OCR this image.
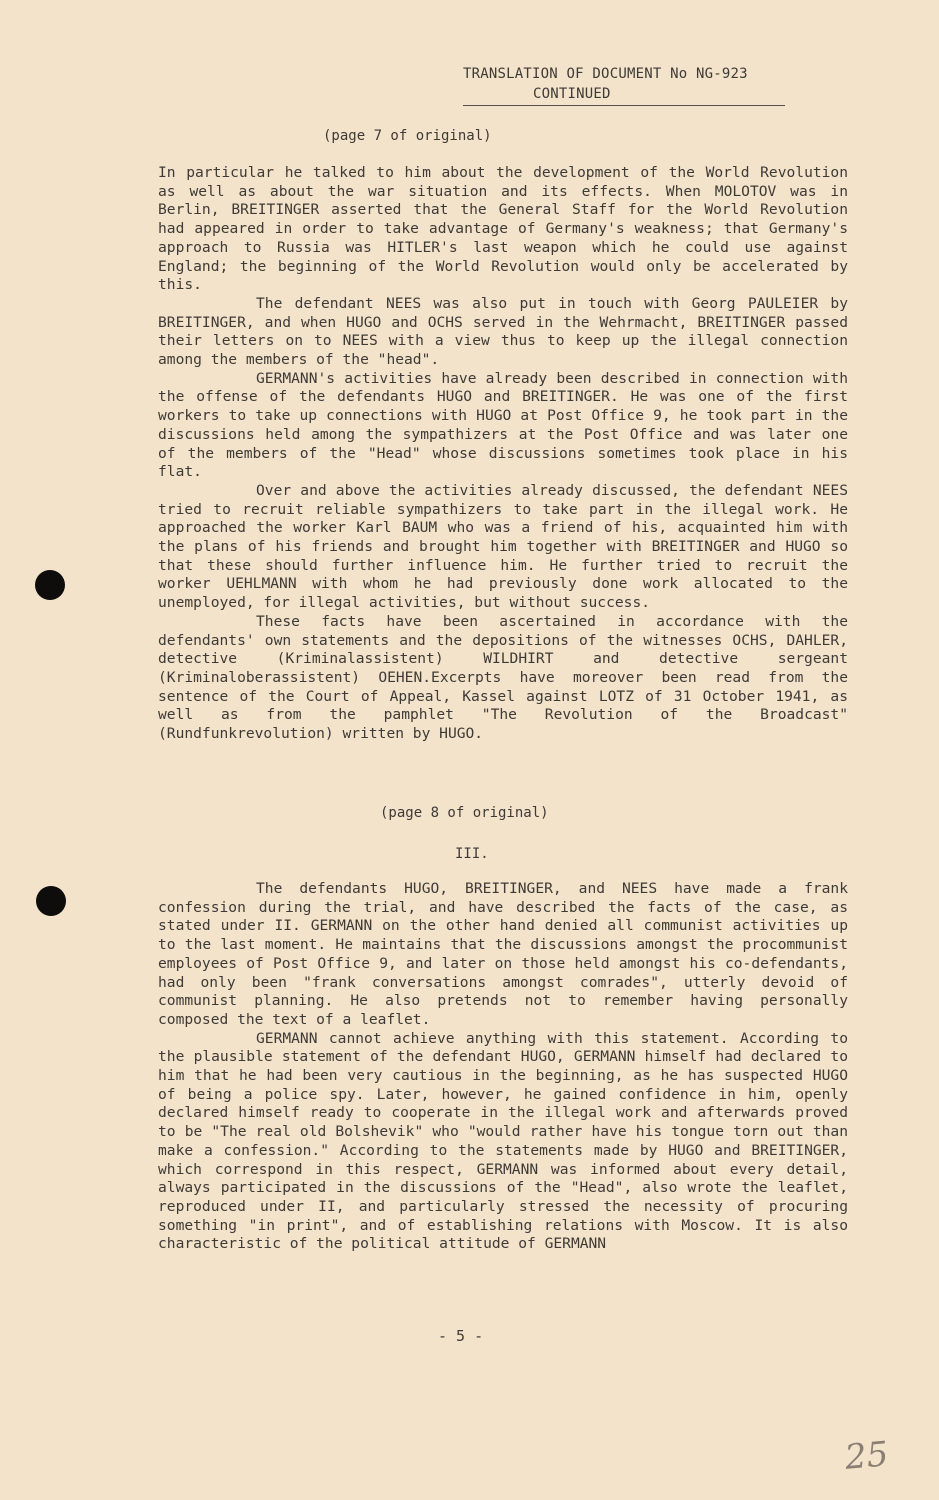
TRANSLATION OF DOCUMENT No NG-923
CONTINUED
(page 7 of original)

In particular he talked to him about the development of the World Revolution as well as about the war situation and its effects. When MOLOTOV was in Berlin, BREITINGER asserted that the General Staff for the World Revolution had appeared in order to take advantage of Germany's weakness; that Germany's approach to Russia was HITLER's last weapon which he could use against England; the beginning of the World Revolution would only be accelerated by this.

The defendant NEES was also put in touch with Georg PAULEIER by BREITINGER, and when HUGO and OCHS served in the Wehrmacht, BREITINGER passed their letters on to NEES with a view thus to keep up the illegal connection among the members of the "head".

GERMANN's activities have already been described in connection with the offense of the defendants HUGO and BREITINGER. He was one of the first workers to take up connections with HUGO at Post Office 9, he took part in the discussions held among the sympathizers at the Post Office and was later one of the members of the "Head" whose discussions sometimes took place in his flat.

Over and above the activities already discussed, the defendant NEES tried to recruit reliable sympathizers to take part in the illegal work. He approached the worker Karl BAUM who was a friend of his, acquainted him with the plans of his friends and brought him together with BREITINGER and HUGO so that these should further influence him. He further tried to recruit the worker UEHLMANN with whom he had previously done work allocated to the unemployed, for illegal activities, but without success.

These facts have been ascertained in accordance with the defendants' own statements and the depositions of the witnesses OCHS, DAHLER, detective (Kriminalassistent) WILDHIRT and detective sergeant (Kriminaloberassistent) OEHEN.Excerpts have moreover been read from the sentence of the Court of Appeal, Kassel against LOTZ of 31 October 1941, as well as from the pamphlet "The Revolution of the Broadcast" (Rundfunkrevolution) written by HUGO.

(page 8 of original)
III.

The defendants HUGO, BREITINGER, and NEES have made a frank confession during the trial, and have described the facts of the case, as stated under II. GERMANN on the other hand denied all communist activities up to the last moment. He maintains that the discussions amongst the procommunist employees of Post Office 9, and later on those held amongst his co-defendants, had only been "frank conversations amongst comrades", utterly devoid of communist planning. He also pretends not to remember having personally composed the text of a leaflet.

GERMANN cannot achieve anything with this statement. According to the plausible statement of the defendant HUGO, GERMANN himself had declared to him that he had been very cautious in the beginning, as he has suspected HUGO of being a police spy. Later, however, he gained confidence in him, openly declared himself ready to cooperate in the illegal work and afterwards proved to be "The real old Bolshevik" who "would rather have his tongue torn out than make a confession." According to the statements made by HUGO and BREITINGER, which correspond in this respect, GERMANN was informed about every detail, always participated in the discussions of the "Head", also wrote the leaflet, reproduced under II, and particularly stressed the necessity of procuring something "in print", and of establishing relations with Moscow. It is also characteristic of the political attitude of GERMANN

- 5 -
25
